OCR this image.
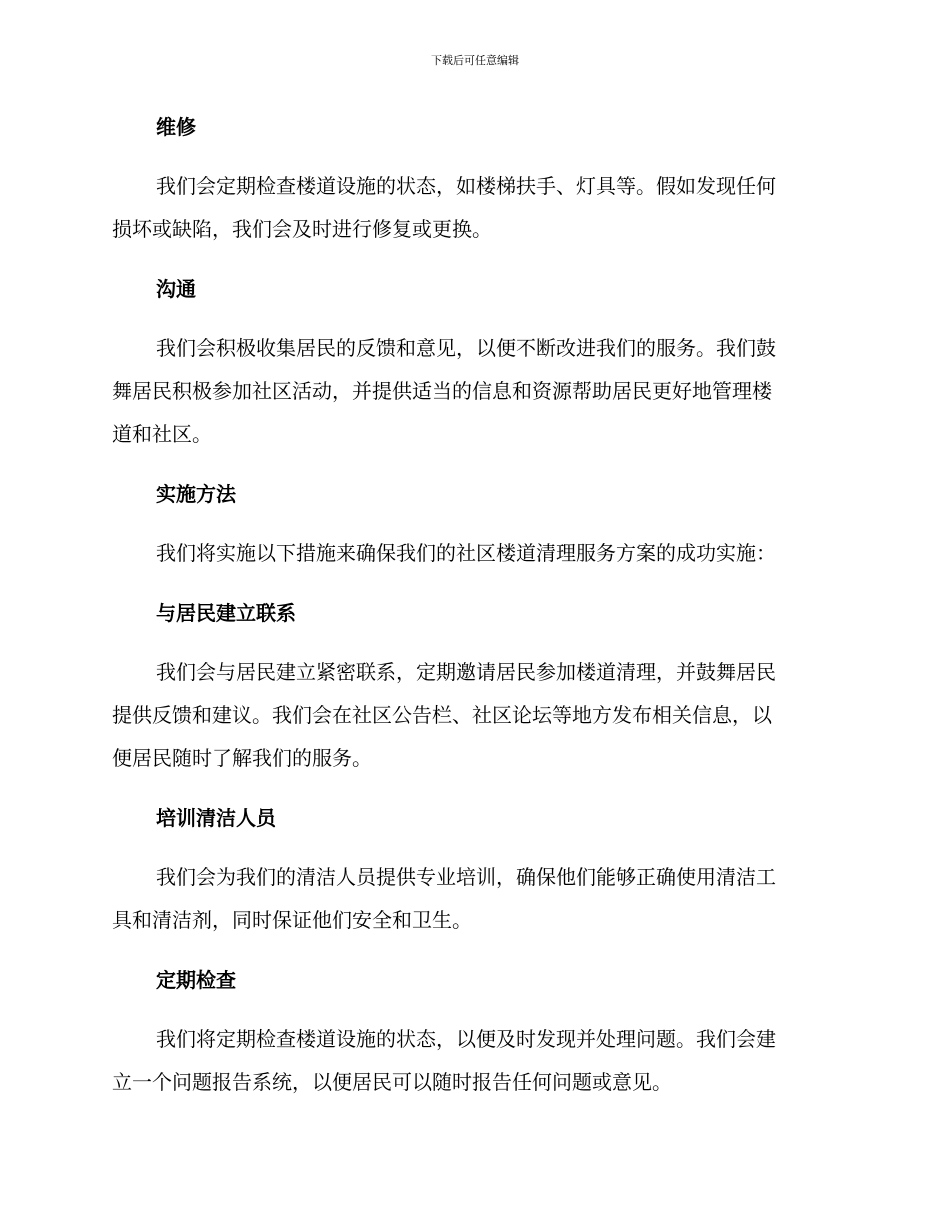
下载后可任意编辑
维修

我们会定期检查楼道设施的状态，如楼梯扶手、灯具等。假如发现任何
损坏或缺陷，我们会及时进行修复或更换。

沟通

我们会积极收集居民的反馈和意见，以便不断改进我们的服务。我们鼓
舞居民积极参加社区活动，并提供适当的信息和资源帮助居民更好地管理楼
道和社区。

实施方法

我们将实施以下措施来确保我们的社区楼道清理服务方案的成功实施：

与居民建立联系

我们会与居民建立紧密联系，定期邀请居民参加楼道清理，并鼓舞居民
提供反馈和建议。我们会在社区公告栏、社区论坛等地方发布相关信息，以
便居民随时了解我们的服务。

培训清洁人员

我们会为我们的清洁人员提供专业培训，确保他们能够正确使用清洁工
具和清洁剂，同时保证他们安全和卫生。

定期检查

我们将定期检查楼道设施的状态，以便及时发现并处理问题。我们会建
立一个问题报告系统，以便居民可以随时报告任何问题或意见。
